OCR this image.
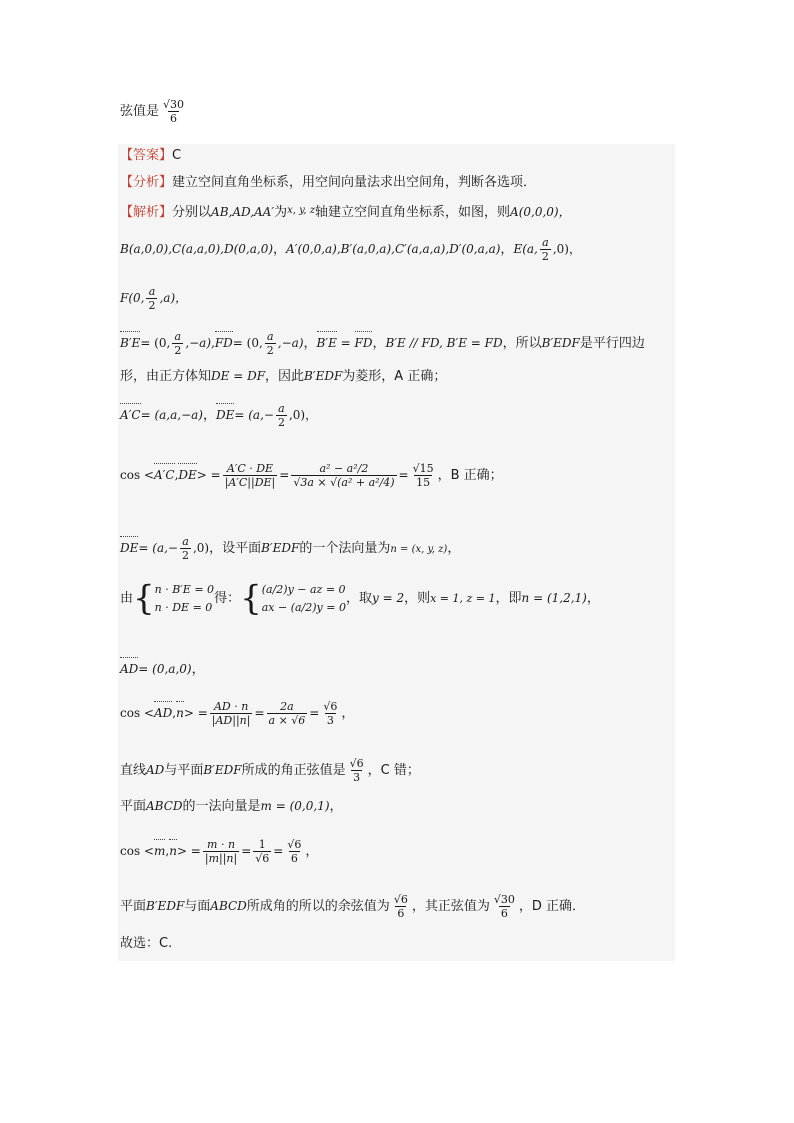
弦值是 $\frac{√30}{6}$
【答案】C
【分析】建立空间直角坐标系，用空间向量法求出空间角，判断各选项．
【解析】分别以AB,AD,AA′为$^{x, y, z}$轴建立空间直角坐标系，如图，则A(0,0,0)，
B(a,0,0),C(a,a,0),D(0,a,0)，A′(0,0,a),B′(a,0,a),C′(a,a,a),D′(0,a,a)，E(a, $\frac{a}{2} ,0$)，
F(0, $\frac{a}{2} ,a$)，
B′E= (0, $\frac{a}{2} ,-a),FD= (0$, $\frac{a}{2} ,-a$)，B′E = FD，B′E // FD, B′E = FD，所以B′EDF是平行四边
形，由正方体知DE = DF，因此B′EDF为菱形，A 正确；
A′C= (a,a,−a)，$DE= (a,- \frac{a}{2} ,0)$，
$\cos <A'C,DE> = \frac{A'C \cdot DE}{|A'C||DE|} = \frac{\text{a² − a²/2}}{\text{√3a × √(a² + a²/4)}} = \frac{√15}{15}$ ，B 正确；
$DE= (a,- \frac{a}{2} ,0)$，设平面B′EDF的一个法向量为n = (x, y, z)，
由{ n · B′E = 0
n · DE = 0
得：{ (a/2)y − az = 0
ax − (a/2)y = 0
，取y = 2，则x = 1, z = 1，即n = (1,2,1)，
AD= (0,a,0)，
$\cos <AD,n> = \frac{AD \cdot n}{|AD||n|} = \frac{2a}{a \times √6} = \frac{√6}{3}$ ，
直线AD与平面B′EDF所成的角正弦值是 $\frac{√6}{3}$ ，C 错；
平面ABCD的一法向量是m = (0,0,1)，
$\cos <m,n> = \frac{m \cdot n}{|m||n|} = \frac{1}{√6} = \frac{√6}{6}$ ，
平面B′EDF与面ABCD所成角的所以的余弦值为 $\frac{√6}{6}$ ，其正弦值为 $\frac{√30}{6}$ ，D 正确．
故选：C.
